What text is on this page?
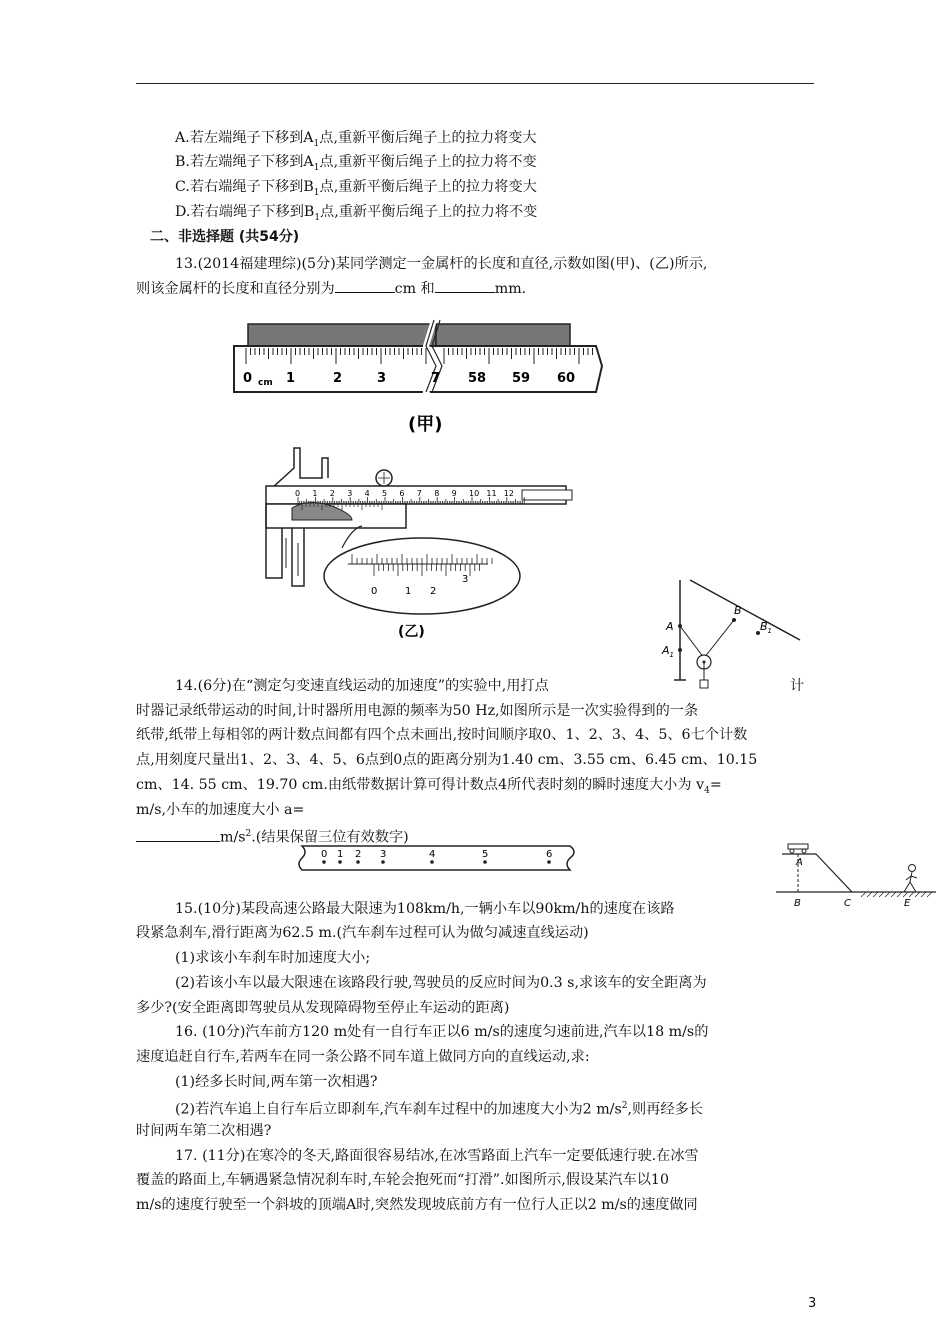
A.若左端绳子下移到$A_1$点,重新平衡后绳子上的拉力将变大
B.若左端绳子下移到$A_1$点,重新平衡后绳子上的拉力将不变
C.若右端绳子下移到$B_1$点,重新平衡后绳子上的拉力将变大
D.若右端绳子下移到$B_1$点,重新平衡后绳子上的拉力将不变
二、非选择题 (共54分)
13.(2014福建理综)(5分)某同学测定一金属杆的长度和直径,示数如图(甲)、(乙)所示,
则该金属杆的长度和直径分别为	cm 和	mm.
0 cm 1	2	3	7 58 59 60
(甲)
0 1 2 3 4 5 6 7 8 9 10 11 12
0	1 2
3
(乙)	A
$A_1$
B
$B_1$
14.(6分)在“测定匀变速直线运动的加速度”的实验中,用打点	计
时器记录纸带运动的时间,计时器所用电源的频率为50 Hz,如图所示是一次实验得到的一条
纸带,纸带上每相邻的两计数点间都有四个点未画出,按时间顺序取0、1、2、3、4、5、6七个计数
点,用刻度尺量出1、2、3、4、5、6点到0点的距离分别为1.40 cm、3.55 cm、6.45 cm、10.15
cm、14. 55 cm、19.70 cm.由纸带数据计算可得计数点4所代表时刻的瞬时速度大小为 $v_4=$
m/s,小车的加速度大小 a=
$m/s^2$.(结果保留三位有效数字)
0 1 2 3	4	5	6
A
B	C	E
15.(10分)某段高速公路最大限速为108km/h,一辆小车以90km/h的速度在该路
段紧急刹车,滑行距离为62.5 m.(汽车刹车过程可认为做匀减速直线运动)
(1)求该小车刹车时加速度大小;
(2)若该小车以最大限速在该路段行驶,驾驶员的反应时间为0.3 s,求该车的安全距离为
多少?(安全距离即驾驶员从发现障碍物至停止车运动的距离)
16. (10分)汽车前方120 m处有一自行车正以6 m/s的速度匀速前进,汽车以18 m/s的
速度追赶自行车,若两车在同一条公路不同车道上做同方向的直线运动,求:
(1)经多长时间,两车第一次相遇?
(2)若汽车追上自行车后立即刹车,汽车刹车过程中的加速度大小为2 $m/s^2$,则再经多长
时间两车第二次相遇?
17. (11分)在寒冷的冬天,路面很容易结冰,在冰雪路面上汽车一定要低速行驶.在冰雪
覆盖的路面上,车辆遇紧急情况刹车时,车轮会抱死而“打滑”.如图所示,假设某汽车以10
m/s的速度行驶至一个斜坡的顶端A时,突然发现坡底前方有一位行人正以2 m/s的速度做同
3
